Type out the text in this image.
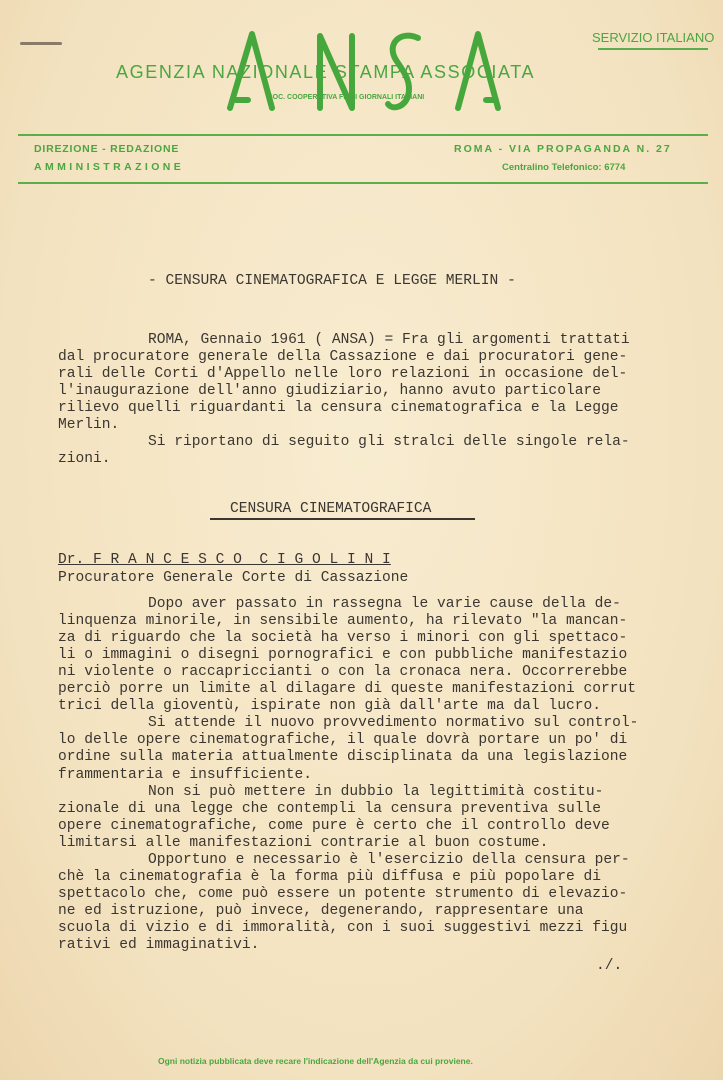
SERVIZIO ITALIANO
AGENZIA NAZIONALE STAMPA ASSOCIATA
SOC. COOPERATIVA FRA I GIORNALI ITALIANI
DIREZIONE - REDAZIONE
AMMINISTRAZIONE
ROMA - VIA PROPAGANDA N. 27
Centralino Telefonico: 6774
- CENSURA CINEMATOGRAFICA E LEGGE MERLIN -
ROMA, Gennaio 1961 ( ANSA) = Fra gli argomenti trattati
dal procuratore generale della Cassazione e dai procuratori gene-
rali delle Corti d'Appello nelle loro relazioni in occasione del-
l'inaugurazione dell'anno giudiziario, hanno avuto particolare
rilievo quelli riguardanti la censura cinematografica e la Legge
Merlin.
Si riportano di seguito gli stralci delle singole rela-
zioni.
CENSURA CINEMATOGRAFICA
Dr. F R A N C E S C O  C I G O L I N I
Procuratore Generale Corte di Cassazione
Dopo aver passato in rassegna le varie cause della de-
linquenza minorile, in sensibile aumento, ha rilevato "la mancan-
za di riguardo che la società ha verso i minori con gli spettaco-
li o immagini o disegni pornografici e con pubbliche manifestazio
ni violente o raccapriccianti o con la cronaca nera. Occorrerebbe
perciò porre un limite al dilagare di queste manifestazioni corrut
trici della gioventù, ispirate non già dall'arte ma dal lucro.
Si attende il nuovo provvedimento normativo sul control-
lo delle opere cinematografiche, il quale dovrà portare un po' di
ordine sulla materia attualmente disciplinata da una legislazione
frammentaria e insufficiente.
Non si può mettere in dubbio la legittimità costitu-
zionale di una legge che contempli la censura preventiva sulle
opere cinematografiche, come pure è certo che il controllo deve
limitarsi alle manifestazioni contrarie al buon costume.
Opportuno e necessario è l'esercizio della censura per-
chè la cinematografia è la forma più diffusa e più popolare di
spettacolo che, come può essere un potente strumento di elevazio-
ne ed istruzione, può invece, degenerando, rappresentare una
scuola di vizio e di immoralità, con i suoi suggestivi mezzi figu
rativi ed immaginativi.
./.
Ogni notizia pubblicata deve recare l'indicazione dell'Agenzia da cui proviene.
